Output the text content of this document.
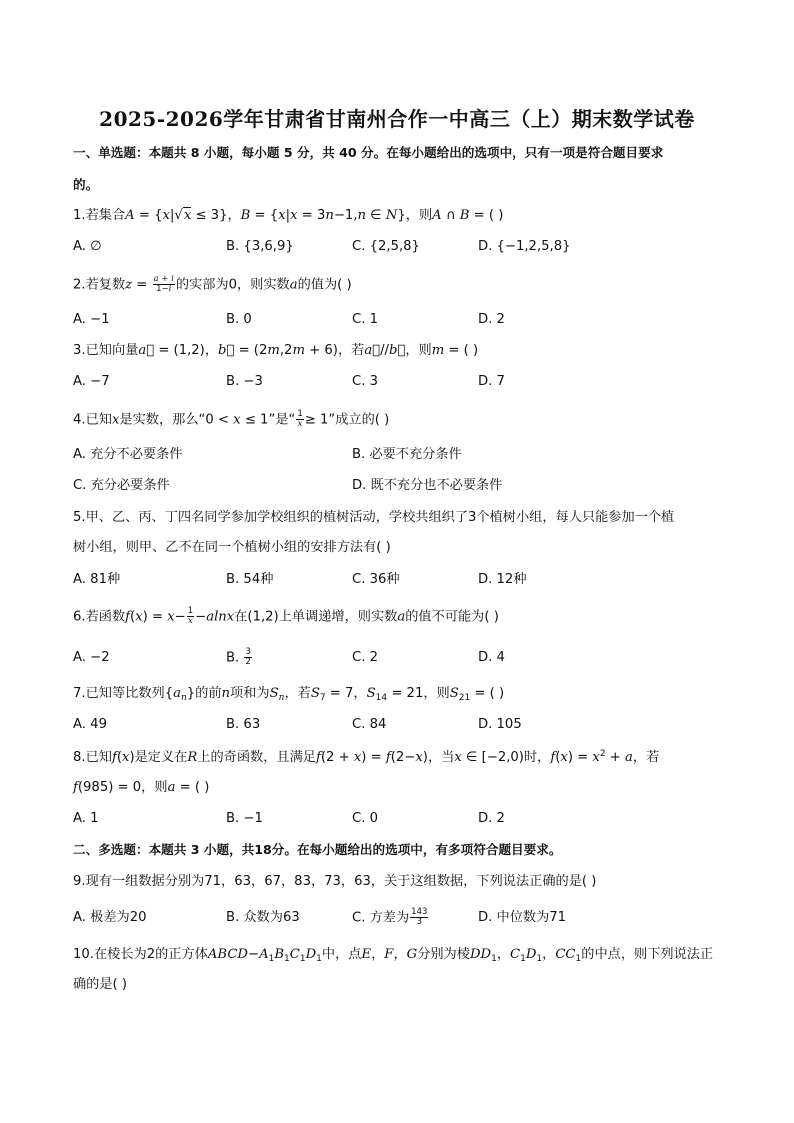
2025-2026学年甘肃省甘南州合作一中高三（上）期末数学试卷
一、单选题：本题共 8 小题，每小题 5 分，共 40 分。在每小题给出的选项中，只有一项是符合题目要求
的。
1.若集合A = {x|√x ≤ 3}，B = {x|x = 3n−1,n ∈ N}，则A ∩ B = ( )
A. ∅	B. {3,6,9}	C. {2,5,8}	D. {−1,2,5,8}
2.若复数$z = \frac{a + i}{1-i}$ 的实部为0，则实数a的值为( )
A. −1	B. 0	C. 1	D. 2
3.已知向量a⃗ = (1,2)，b⃗ = (2m,2m + 6)，若a⃗//b⃗，则m = ( )
A. −7	B. −3	C. 3	D. 7
4.已知x是实数，那么“0 < x ≤ 1”是“ $\frac{1}{x} \ge 1$”成立的( )
A. 充分不必要条件	B. 必要不充分条件
C. 充分必要条件	D. 既不充分也不必要条件
5.甲、乙、丙、丁四名同学参加学校组织的植树活动，学校共组织了3个植树小组，每人只能参加一个植
树小组，则甲、乙不在同一个植树小组的安排方法有( )
A. 81种	B. 54种	C. 36种	D. 12种
6.若函数$f(x) = x- \frac{1}{x} -alnx$在(1,2)上单调递增，则实数a的值不可能为( )
A. −2	B. $\frac{3}{2}$	C. 2	D. 4
7.已知等比数列$\{a_n\}$的前n项和为$S_n$，若$S_7 = 7$，$S_{14} = 21$，则$S_{21}$ = ( )
A. 49	B. 63	C. 84	D. 105
8.已知f(x)是定义在R上的奇函数，且满足f(2 + x) = f(2−x)，当x ∈ [−2,0)时，$f(x) = x^2 + a$，若
f(985) = 0，则a = ( )
A. 1	B. −1	C. 0	D. 2
二、多选题：本题共 3 小题，共18分。在每小题给出的选项中，有多项符合题目要求。
9.现有一组数据分别为71，63，67，83，73，63，关于这组数据，下列说法正确的是( )
A. 极差为20	B. 众数为63	C. 方差为 $\frac{143}{3}$	D. 中位数为71
10.在棱长为2的正方体$ABCD-A_1B_1C_1D_1$中，点E，F，G分别为棱$DD_1$，$C_1D_1$，$CC_1$的中点，则下列说法正
确的是( )
